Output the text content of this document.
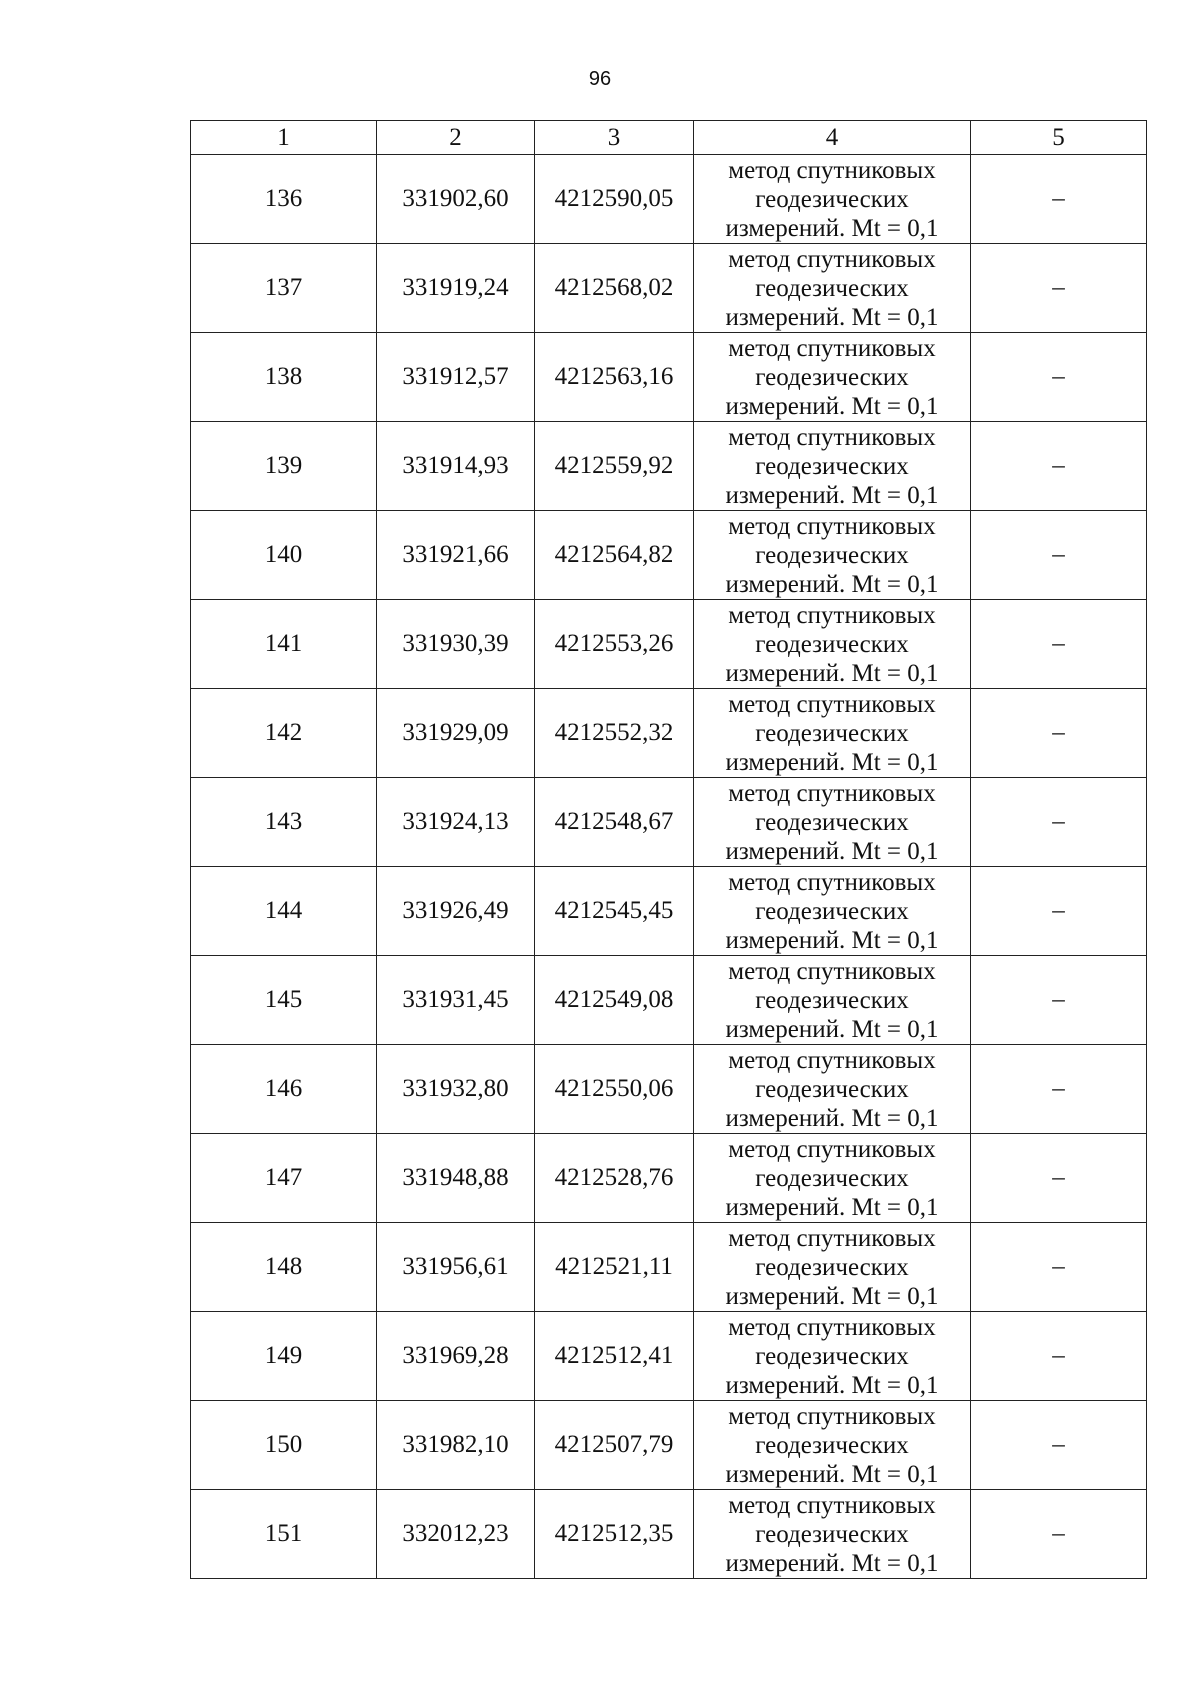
96
1	2	3	4	5
136	331902,60	4212590,05	метод спутниковых
геодезических
измерений. Mt = 0,1	–
137	331919,24	4212568,02	метод спутниковых
геодезических
измерений. Mt = 0,1	–
138	331912,57	4212563,16	метод спутниковых
геодезических
измерений. Mt = 0,1	–
139	331914,93	4212559,92	метод спутниковых
геодезических
измерений. Mt = 0,1	–
140	331921,66	4212564,82	метод спутниковых
геодезических
измерений. Mt = 0,1	–
141	331930,39	4212553,26	метод спутниковых
геодезических
измерений. Mt = 0,1	–
142	331929,09	4212552,32	метод спутниковых
геодезических
измерений. Mt = 0,1	–
143	331924,13	4212548,67	метод спутниковых
геодезических
измерений. Mt = 0,1	–
144	331926,49	4212545,45	метод спутниковых
геодезических
измерений. Mt = 0,1	–
145	331931,45	4212549,08	метод спутниковых
геодезических
измерений. Mt = 0,1	–
146	331932,80	4212550,06	метод спутниковых
геодезических
измерений. Mt = 0,1	–
147	331948,88	4212528,76	метод спутниковых
геодезических
измерений. Mt = 0,1	–
148	331956,61	4212521,11	метод спутниковых
геодезических
измерений. Mt = 0,1	–
149	331969,28	4212512,41	метод спутниковых
геодезических
измерений. Mt = 0,1	–
150	331982,10	4212507,79	метод спутниковых
геодезических
измерений. Mt = 0,1	–
151	332012,23	4212512,35	метод спутниковых
геодезических
измерений. Mt = 0,1	–
